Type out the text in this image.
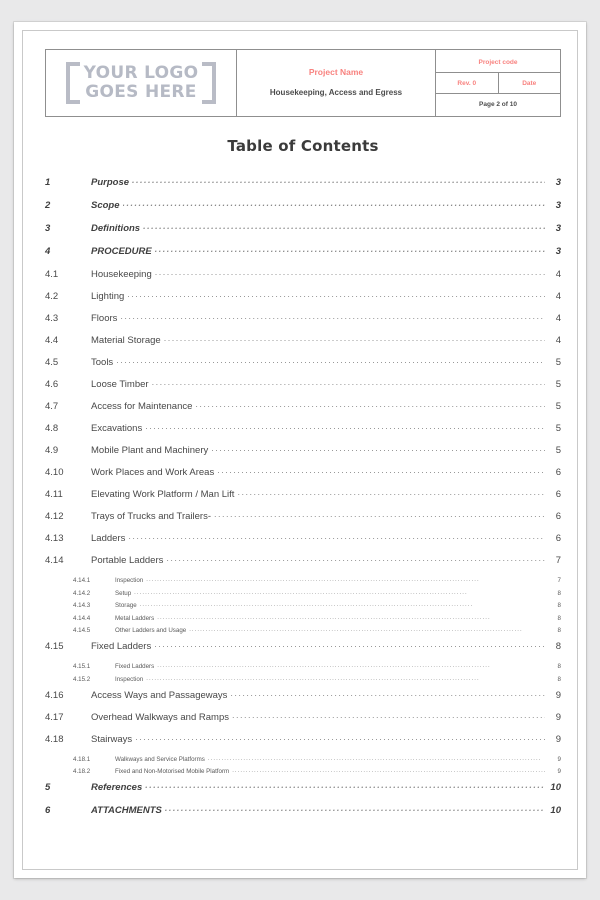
YOUR LOGO
GOES HERE

Project Name
Housekeeping, Access and Egress

Project code
Rev. 0	Date
Page 2 of 10
Table of Contents
1	Purpose . . .	3
2	Scope . . .	3
3	Definitions . . .	3
4	PROCEDURE . . .	3
4.1	Housekeeping . . .	4
4.2	Lighting . . .	4
4.3	Floors . . .	4
4.4	Material Storage . . .	4
4.5	Tools . . .	5
4.6	Loose Timber . . .	5
4.7	Access for Maintenance . . .	5
4.8	Excavations . . .	5
4.9	Mobile Plant and Machinery . . .	5
4.10	Work Places and Work Areas . . .	6
4.11	Elevating Work Platform / Man Lift . . .	6
4.12	Trays of Trucks and Trailers- . . .	6
4.13	Ladders . . .	6
4.14	Portable Ladders . . .	7
4.14.1	Inspection . . .	7
4.14.2	Setup . . .	8
4.14.3	Storage . . .	8
4.14.4	Metal Ladders . . .	8
4.14.5	Other Ladders and Usage . . .	8
4.15	Fixed Ladders . . .	8
4.15.1	Fixed Ladders . . .	8
4.15.2	Inspection . . .	8
4.16	Access Ways and Passageways . . .	9
4.17	Overhead Walkways and Ramps . . .	9
4.18	Stairways . . .	9
4.18.1	Walkways and Service Platforms . . .	9
4.18.2	Fixed and Non-Motorised Mobile Platform . . .	9
5	References . . .	10
6	ATTACHMENTS . . .	10
